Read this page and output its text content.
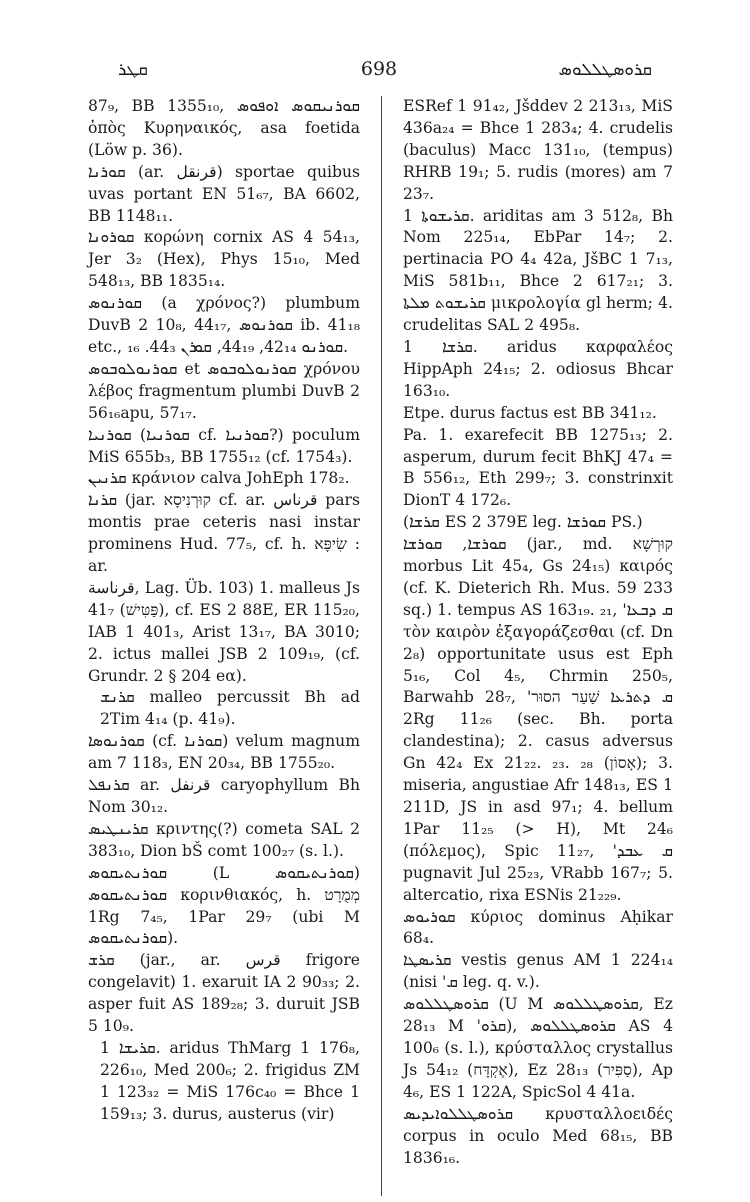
ܩܛܪ	698	ܩܪܘܣܛܠܠܘܣ

87₉, BB 1355₁₀, ܩܘܪܢܝܩܘܣ ܐܘܦܘܣ ὀπὸς Κυρηναικός, asa foetida (Löw p. 36).

ܩܘܪܢܐ (ar. قرنقل) sportae quibus uvas portant EN 51₆₇, BA 6602, BB 1148₁₁.

ܩܘܪܘܢܐ κορώνη cornix AS 4 54₁₃, Jer 3₂ (Hex), Phys 15₁₀, Med 548₁₃, BB 1835₁₄.

ܩܘܪܢܘܣ (a χρόνος?) plumbum DuvB 2 10₈, 44₁₇, ܩܘܪܢܘܣ ib. 41₁₈ etc., ܩܘܪܢܘ 42₁₄, 44₁₉, ܩܘܪܢ 44₃. ₁₆.

ܩܘܪܢܘܠܘܒܘܣ et ܩܘܪܢܘܠܘܒܘܣ χρόνου λέβος fragmentum plumbi DuvB 2 56₁₆apu, 57₁₇.

ܩܘܪܢܝܐ (ܩܘܪܢܝܐ cf. ܩܘܪܢܝܐ?) poculum MiS 655b₃, BB 1755₁₂ (cf. 1754₃).

ܩܪܢܝܢ κράνιον calva JohEph 178₂.

ܩܪܢܐ (jar. קוּרְנִיסָא cf. ar. قرناس pars montis prae ceteris nasi instar prominens Hud. 77₅, cf. h. שִׂיפָּא : ar.

قرناسة, Lag. Üb. 103) 1. malleus Js 41₇ (פַּטִּישׁ), cf. ES 2 88E, ER 115₂₀, IAB 1 401₃, Arist 13₁₇, BA 3010; 2. ictus mallei JSB 2 109₁₉, (cf. Grundr. 2 § 204 eα).

ܩܪܢܫ malleo percussit Bh ad 2Tim 4₁₄ (p. 41₉).

ܩܘܪܢܘܣܐ (cf. ܩܘܪܢܐ) velum magnum am 7 118₃, EN 20₃₄, BB 1755₂₀.

ܩܪܢܦܠ ar. قرنفل caryophyllum Bh Nom 30₁₂.

ܩܪܝܢܛܝܣ κριντης(?) cometa SAL 2 383₁₀, Dion bŠ comt 100₂₇ (s. l.).

ܩܘܪܢܬܝܩܘܣ (L ܩܘܪܢܬܝܩܘܣ) ܩܘܪܢܬܝܩܘܣ κορινθιακός, h. מְמֻרָט 1Rg 7₄₅, 1Par 29₇ (ubi M ܩܘܪܢܬܝܩܘܣ).

ܩܪܫ (jar., ar. قرس frigore congelavit) 1. exaruit IA 2 90₃₃; 2. asper fuit AS 189₂₈; 3. duruit JSB 5 10₉.

ܩܪܝܫܐ 1. aridus ThMarg 1 176₈, 226₁₀, Med 200₆; 2. frigidus ZM 1 123₃₂ = MiS 176c₄₀ = Bhce 1 159₁₃; 3. durus, austerus (vir)

ESRef 1 91₄₂, Jšddev 2 213₁₃, MiS 436a₂₄ = Bhce 1 283₄; 4. crudelis (baculus) Macc 131₁₀, (tempus) RHRB 19₁; 5. rudis (mores) am 7 23₇.

ܩܪܝܫܘܬܐ 1. ariditas am 3 512₈, Bh Nom 225₁₄, EbPar 14₇; 2. pertinacia PO 4₄ 42a, JšBC 1 7₁₃, MiS 581b₁₁, Bhce 2 617₂₁; 3. ܩܪܝܫܘܬ ܡܠܬܐ μικρολογία gl herm; 4. crudelitas SAL 2 495₈.

ܩܪܫܐ 1. aridus καρφαλέος HippAph 24₁₅; 2. odiosus Bhcar 163₁₀.

Etpe. durus factus est BB 341₁₂.

Pa. 1. exarefecit BB 1275₁₃; 2. asperum, durum fecit BhKJ 47₄ = B 556₁₂, Eth 299₇; 3. constrinxit DionT 4 172₆.

(ܩܪܫܐ ES 2 379E leg. ܩܘܪܫܐ PS.)

ܩܘܪܫܐ, ܩܘܪܫܐ (jar., md. קוּרְשָׁא morbus Lit 45₄, Gs 24₁₅) καιρός (cf. K. Dieterich Rh. Mus. 59 233 sq.) 1. tempus AS 163₁₉. ₂₁, 'ܩ ܕܒܥܐ τὸν καιρὸν ἐξαγοράζεσθαι (cf. Dn 2₈) opportunitate usus est Eph 5₁₆, Col 4₅, Chrmin 250₅, Barwahb 28₇, 'ܩ ܕܬܪܥܐ שַׁעַר הסוּר 2Rg 11₂₆ (sec. Bh. porta clandestina); 2. casus adversus Gn 42₄ Ex 21₂₂. ₂₃. ₂₈ (אָסוֹן); 3. miseria, angustiae Afr 148₁₃, ES 1 211D, JS in asd 97₁; 4. bellum 1Par 11₂₅ (> H), Mt 24₆ (πόλεμος), Spic 11₂₇, 'ܩ ܥܒܕ pugnavit Jul 25₂₃, VRabb 167₇; 5. altercatio, rixa ESNis 21₂₂₉.

ܩܘܪܝܘܣ κύριος dominus Aḥikar 68₄.

ܩܪܝܣܛܐ vestis genus AM 1 224₁₄ (nisi 'ܩ leg. q. v.).

ܩܪܘܣܛܠܠܘܣ (U M ܩܪܘܣܛܠܠܘܣ, Ez 28₁₃ M 'ܩܪܘ), ܩܪܘܣܛܠܠܘܣ AS 4 100₆ (s. l.), κρύσταλλος crystallus Js 54₁₂ (אֶקְדָּח), Ez 28₁₃ (סַפִּיר), Ap 4₆, ES 1 122A, SpicSol 4 41a.

ܩܪܘܣܛܠܠܘܐܝܕܝܣ κρυσταλλοειδές corpus in oculo Med 68₁₅, BB 1836₁₆.
